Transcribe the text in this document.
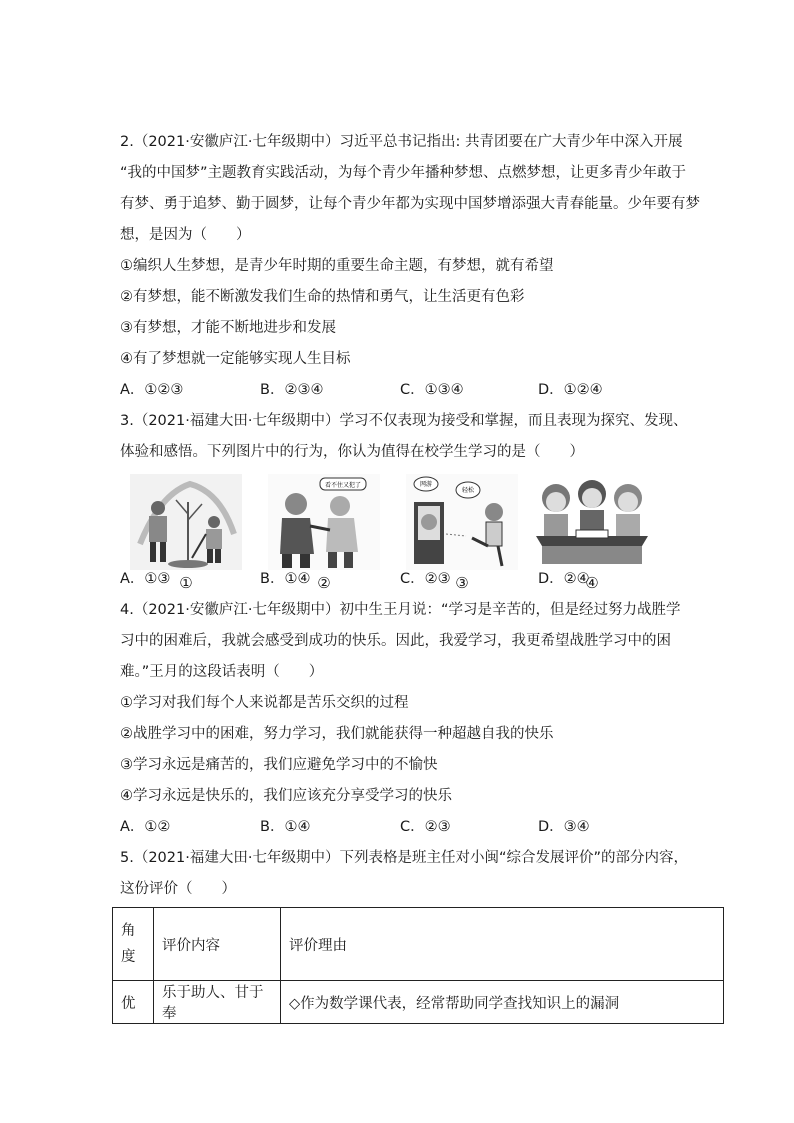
2.（2021·安徽庐江·七年级期中）习近平总书记指出: 共青团要在广大青少年中深入开展
“我的中国梦”主题教育实践活动，为每个青少年播种梦想、点燃梦想，让更多青少年敢于
有梦、勇于追梦、勤于圆梦，让每个青少年都为实现中国梦增添强大青春能量。少年要有梦
想，是因为（　　）
①编织人生梦想，是青少年时期的重要生命主题，有梦想，就有希望
②有梦想，能不断激发我们生命的热情和勇气，让生活更有色彩
③有梦想，才能不断地进步和发展
④有了梦想就一定能够实现人生目标
A．①②③	B．②③④	C．①③④	D．①②④
3.（2021·福建大田·七年级期中）学习不仅表现为接受和掌握，而且表现为探究、发现、
体验和感悟。下列图片中的行为，你认为值得在校学生学习的是（　　）
①
看不住又犯了
②
网游
轻松
③	④
A．①③	B．①④	C．②③	D．②④
4.（2021·安徽庐江·七年级期中）初中生王月说：“学习是辛苦的，但是经过努力战胜学
习中的困难后，我就会感受到成功的快乐。因此，我爱学习，我更希望战胜学习中的困
难。”王月的这段话表明（　　）
①学习对我们每个人来说都是苦乐交织的过程
②战胜学习中的困难，努力学习，我们就能获得一种超越自我的快乐
③学习永远是痛苦的，我们应避免学习中的不愉快
④学习永远是快乐的，我们应该充分享受学习的快乐
A．①②	B．①④	C．②③	D．③④
5.（2021·福建大田·七年级期中）下列表格是班主任对小闽“综合发展评价”的部分内容，
这份评价（　　）
角
度	评价内容	评价理由
优	乐于助人、甘于奉	◇作为数学课代表，经常帮助同学查找知识上的漏洞
